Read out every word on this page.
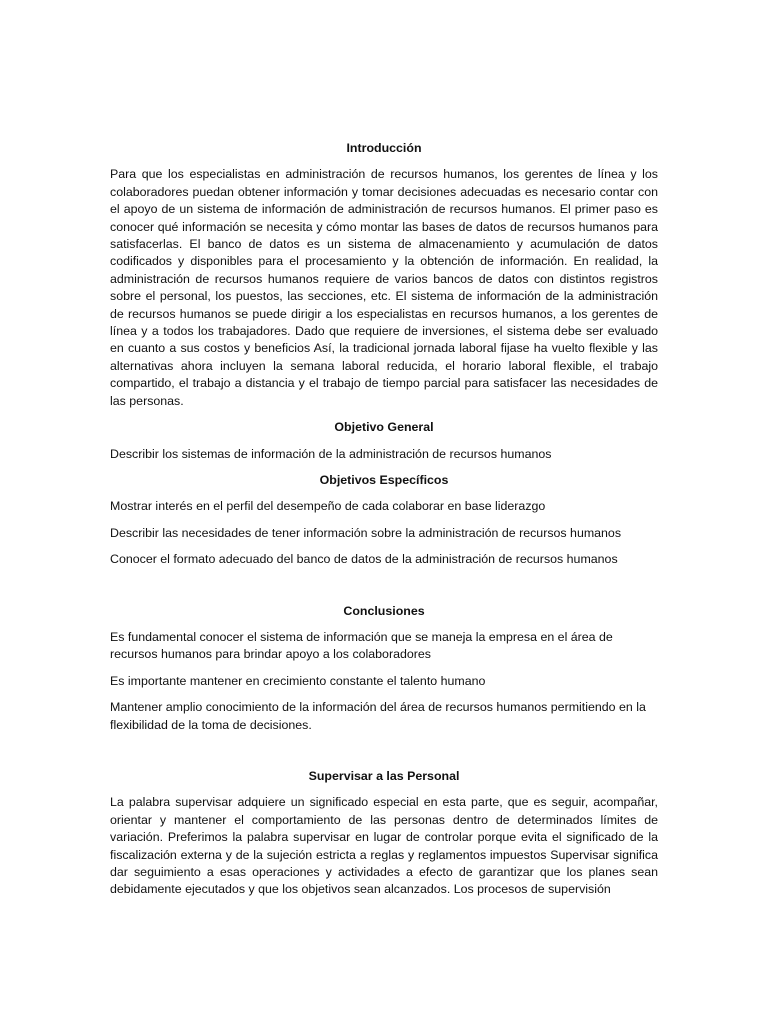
Introducción

Para que los especialistas en administración de recursos humanos, los gerentes de línea y los colaboradores puedan obtener información y tomar decisiones adecuadas es necesario contar con el apoyo de un sistema de información de administración de recursos humanos. El primer paso es conocer qué información se necesita y cómo montar las bases de datos de recursos humanos para satisfacerlas. El banco de datos es un sistema de almacenamiento y acumulación de datos codificados y disponibles para el procesamiento y la obtención de información. En realidad, la administración de recursos humanos requiere de varios bancos de datos con distintos registros sobre el personal, los puestos, las secciones, etc. El sistema de información de la administración de recursos humanos se puede dirigir a los especialistas en recursos humanos, a los gerentes de línea y a todos los trabajadores. Dado que requiere de inversiones, el sistema debe ser evaluado en cuanto a sus costos y beneficios Así, la tradicional jornada laboral fijase ha vuelto flexible y las alternativas ahora incluyen la semana laboral reducida, el horario laboral flexible, el trabajo compartido, el trabajo a distancia y el trabajo de tiempo parcial para satisfacer las necesidades de las personas.

Objetivo General

Describir los sistemas de información de la administración de recursos humanos

Objetivos Específicos

Mostrar interés en el perfil del desempeño de cada colaborar en base liderazgo

Describir las necesidades de tener información sobre la administración de recursos humanos

Conocer el formato adecuado del banco de datos de la administración de recursos humanos

Conclusiones

Es fundamental conocer el sistema de información que se maneja la empresa en el área de recursos humanos para brindar apoyo a los colaboradores

Es importante mantener en crecimiento constante el talento humano

Mantener amplio conocimiento de la información del área de recursos humanos permitiendo en la flexibilidad de la toma de decisiones.

Supervisar a las Personal

La palabra supervisar adquiere un significado especial en esta parte, que es seguir, acompañar, orientar y mantener el comportamiento de las personas dentro de determinados límites de variación. Preferimos la palabra supervisar en lugar de controlar porque evita el significado de la fiscalización externa y de la sujeción estricta a reglas y reglamentos impuestos Supervisar significa dar seguimiento a esas operaciones y actividades a efecto de garantizar que los planes sean debidamente ejecutados y que los objetivos sean alcanzados. Los procesos de supervisión
